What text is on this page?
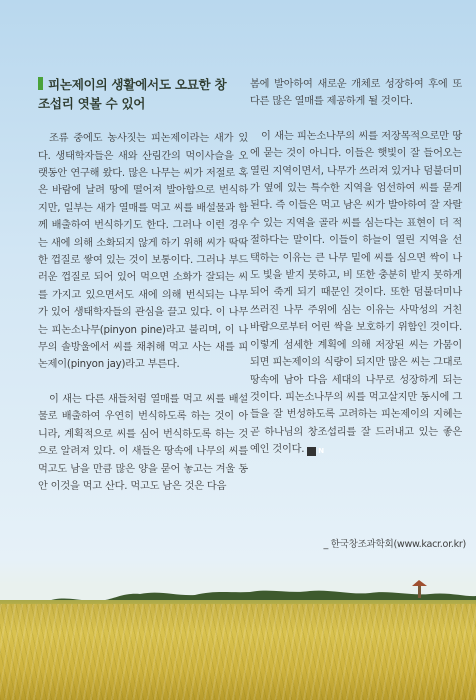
피논제이의 생활에서도 오묘한 창
조섭리 엿볼 수 있어

조류 중에도 농사짓는 피논제이라는 새가 있다. 생태학자들은 새와 산림간의 먹이사슬을 오랫동안 연구해 왔다. 많은 나무는 씨가 저절로 혹은 바람에 날려 땅에 떨어져 발아함으로 번식하지만, 일부는 새가 열매를 먹고 씨를 배설물과 함께 배출하여 번식하기도 한다. 그러나 이런 경우는 새에 의해 소화되지 않게 하기 위해 씨가 딱딱한 껍질로 쌓여 있는 것이 보통이다. 그러나 부드러운 껍질로 되어 있어 먹으면 소화가 잘되는 씨를 가지고 있으면서도 새에 의해 번식되는 나무가 있어 생태학자들의 관심을 끌고 있다. 이 나무는 피논소나무(pinyon pine)라고 불리며, 이 나무의 솔방울에서 씨를 채취해 먹고 사는 새를 피논제이(pinyon jay)라고 부른다.

이 새는 다른 새들처럼 열매를 먹고 씨를 배설물로 배출하여 우연히 번식하도록 하는 것이 아니라, 계획적으로 씨를 심어 번식하도록 하는 것으로 알려져 있다. 이 새들은 땅속에 나무의 씨를 먹고도 남을 만큼 많은 양을 묻어 놓고는 겨울 동안 이것을 먹고 산다. 먹고도 남은 것은 다음

봄에 발아하여 새로운 개체로 성장하여 후에 또 다른 많은 열매를 제공하게 될 것이다.

이 새는 피논소나무의 씨를 저장목적으로만 땅에 묻는 것이 아니다. 이들은 햇빛이 잘 들어오는 열린 지역이면서, 나무가 쓰러져 있거나 덤불더미가 옆에 있는 특수한 지역을 엄선하여 씨를 묻게 된다. 즉 이들은 먹고 남은 씨가 발아하여 잘 자랄 수 있는 지역을 골라 씨를 심는다는 표현이 더 적절하다는 말이다. 이들이 하늘이 열린 지역을 선택하는 이유는 큰 나무 밑에 씨를 심으면 싹이 나도 빛을 받지 못하고, 비 또한 충분히 받지 못하게 되어 죽게 되기 때문인 것이다. 또한 덤불더미나 쓰러진 나무 주위에 심는 이유는 사막성의 거친 바람으로부터 어린 싹을 보호하기 위함인 것이다. 이렇게 섬세한 계획에 의해 저장된 씨는 가뭄이 되면 피논제이의 식량이 되지만 많은 씨는 그대로 땅속에 남아 다음 세대의 나무로 성장하게 되는 것이다. 피논소나무의 씨를 먹고살지만 동시에 그들을 잘 번성하도록 고려하는 피논제이의 지혜는 곧 하나님의 창조섭리를 잘 드러내고 있는 좋은 예인 것이다. N

_ 한국창조과학회(www.kacr.or.kr)
